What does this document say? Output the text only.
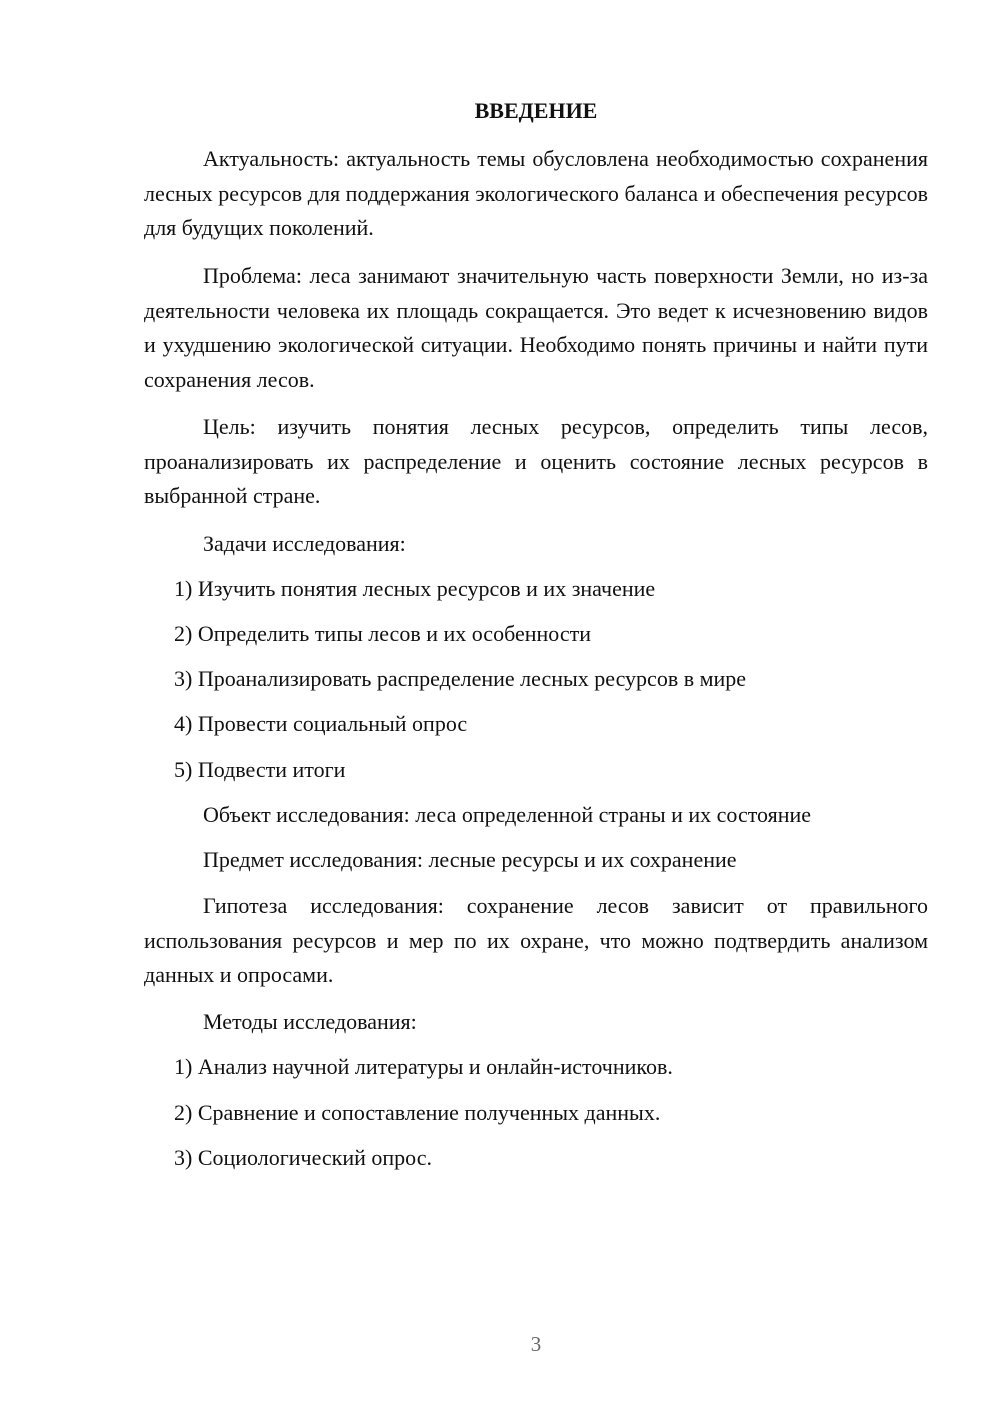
ВВЕДЕНИЕ

Актуальность: актуальность темы обусловлена необходимостью сохранения лесных ресурсов для поддержания экологического баланса и обеспечения ресурсов для будущих поколений.

Проблема: леса занимают значительную часть поверхности Земли, но из-за деятельности человека их площадь сокращается. Это ведет к исчезновению видов и ухудшению экологической ситуации. Необходимо понять причины и найти пути сохранения лесов.

Цель: изучить понятия лесных ресурсов, определить типы лесов, проанализировать их распределение и оценить состояние лесных ресурсов в выбранной стране.

Задачи исследования:

1) Изучить понятия лесных ресурсов и их значение

2) Определить типы лесов и их особенности

3) Проанализировать распределение лесных ресурсов в мире

4) Провести социальный опрос

5) Подвести итоги

Объект исследования: леса определенной страны и их состояние

Предмет исследования: лесные ресурсы и их сохранение

Гипотеза исследования: сохранение лесов зависит от правильного использования ресурсов и мер по их охране, что можно подтвердить анализом данных и опросами.

Методы исследования:

1) Анализ научной литературы и онлайн-источников.

2) Сравнение и сопоставление полученных данных.

3) Социологический опрос.

3
